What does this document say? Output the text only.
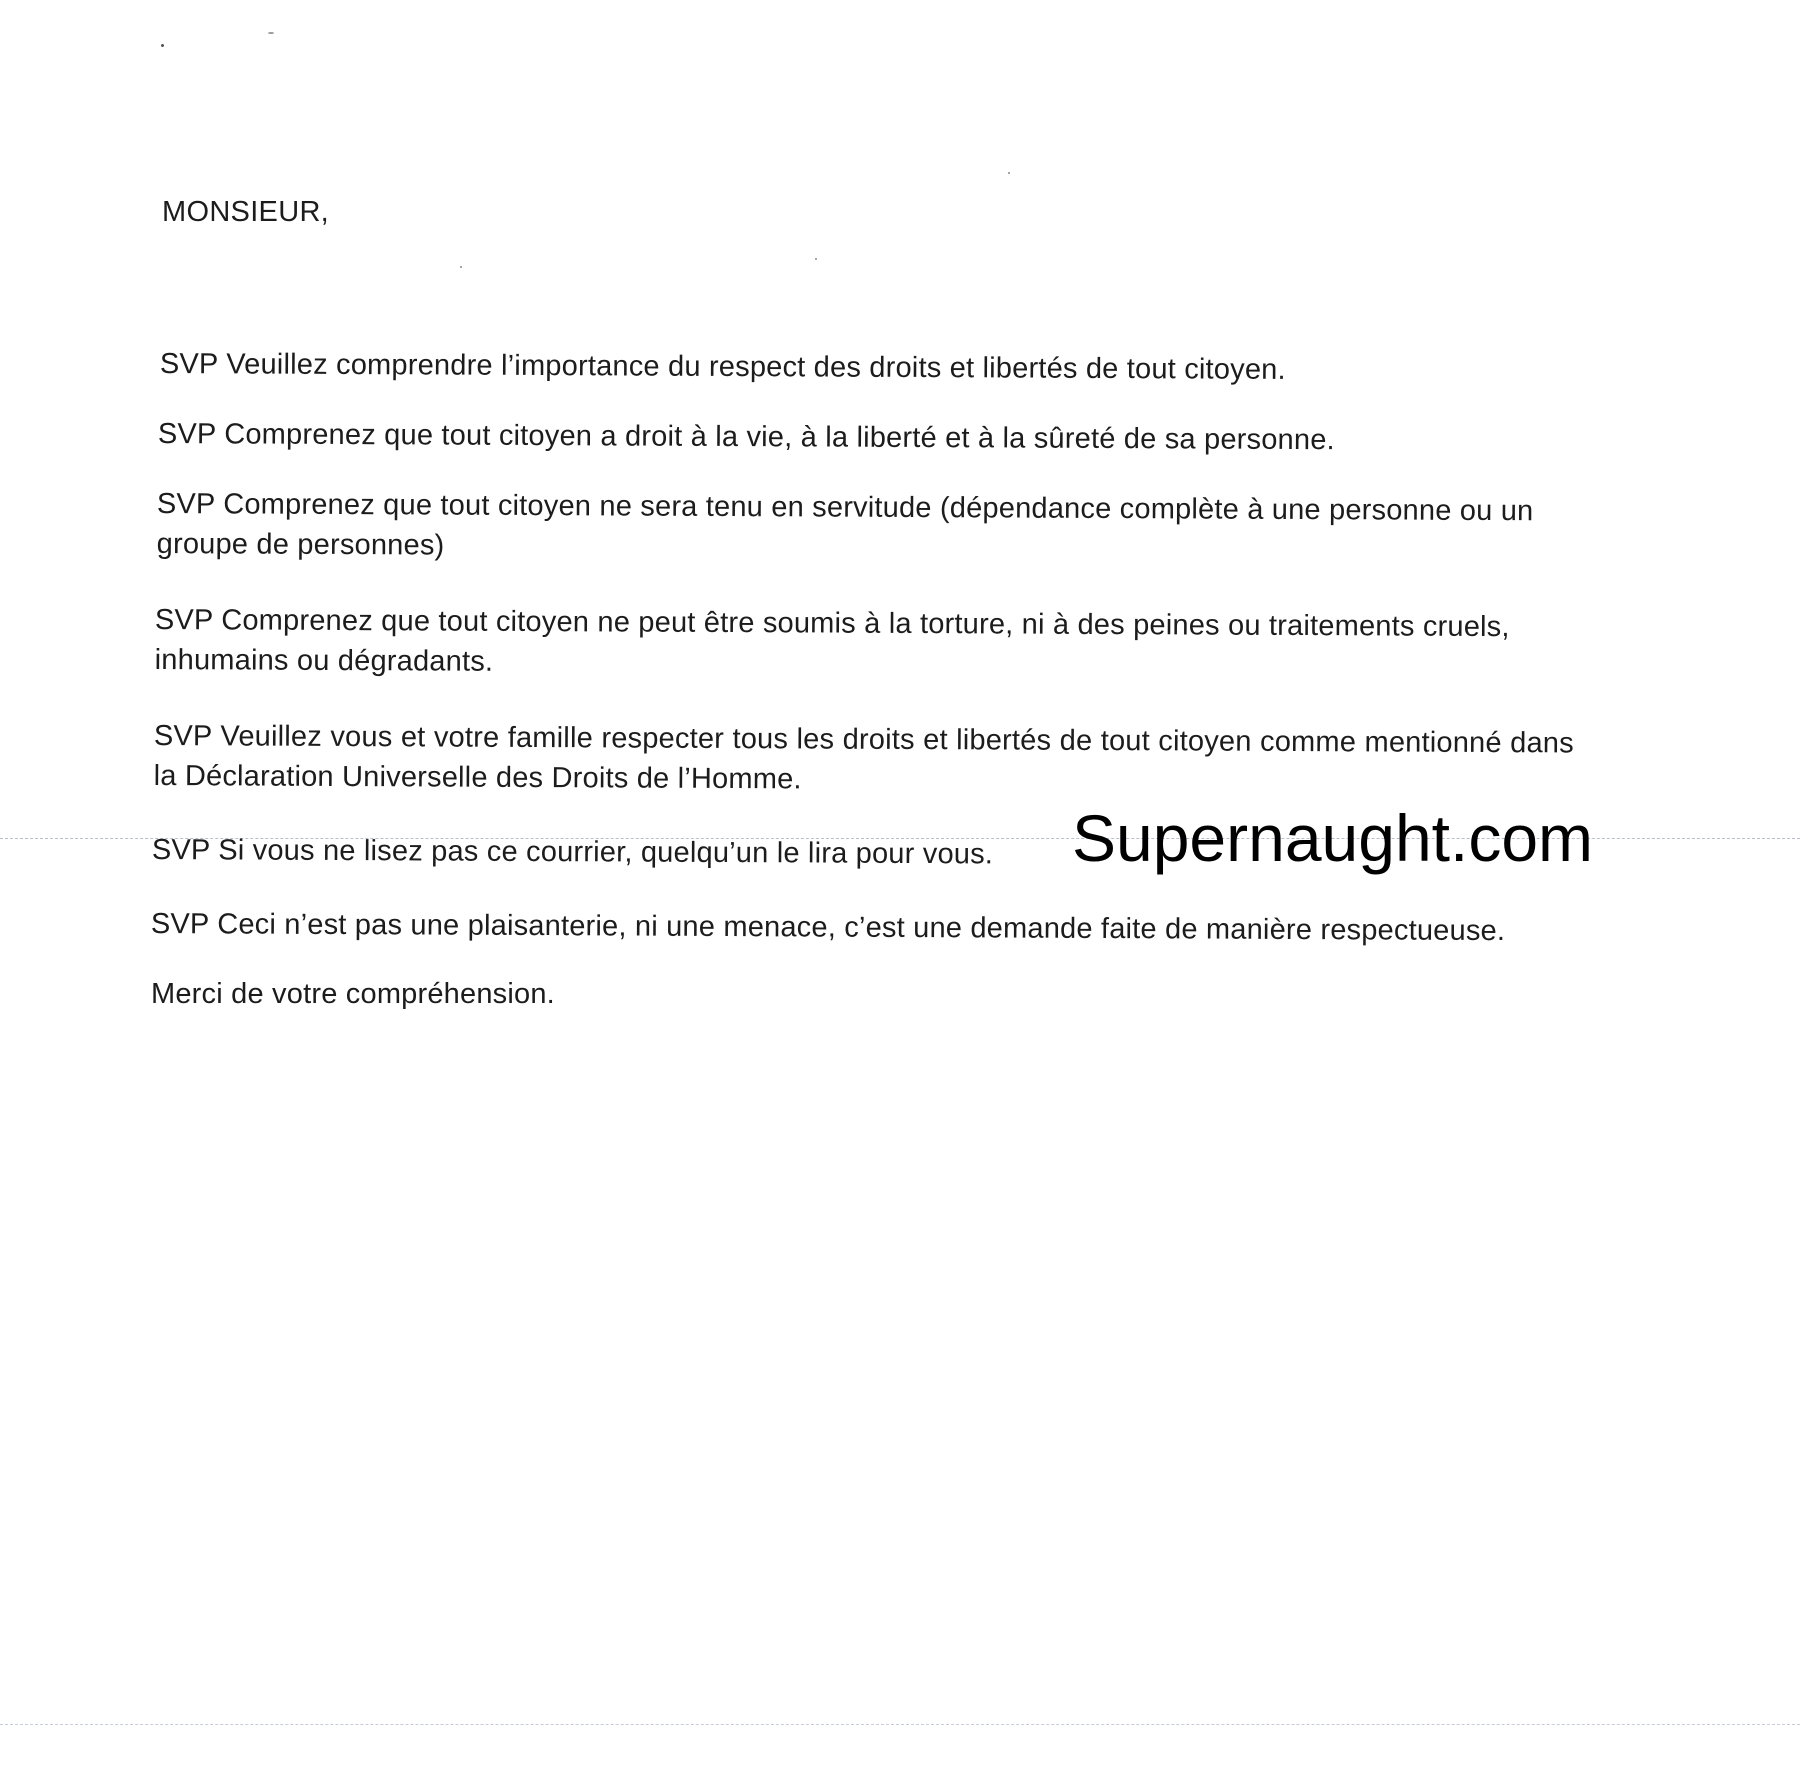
MONSIEUR,
SVP Veuillez comprendre l’importance du respect des droits et libertés de tout citoyen.
SVP Comprenez que tout citoyen a droit à la vie, à la liberté et à la sûreté de sa personne.
SVP Comprenez que tout citoyen ne sera tenu en servitude (dépendance complète à une personne ou un groupe de personnes)
SVP Comprenez que tout citoyen ne peut être soumis à la torture, ni à des peines ou traitements cruels, inhumains ou dégradants.
SVP Veuillez vous et votre famille respecter tous les droits et libertés de tout citoyen comme mentionné dans la Déclaration Universelle des Droits de l’Homme.
SVP Si vous ne lisez pas ce courrier, quelqu’un le lira pour vous.	Supernaught.com
SVP Ceci n’est pas une plaisanterie, ni une menace, c’est une demande faite de manière respectueuse.
Merci de votre compréhension.
